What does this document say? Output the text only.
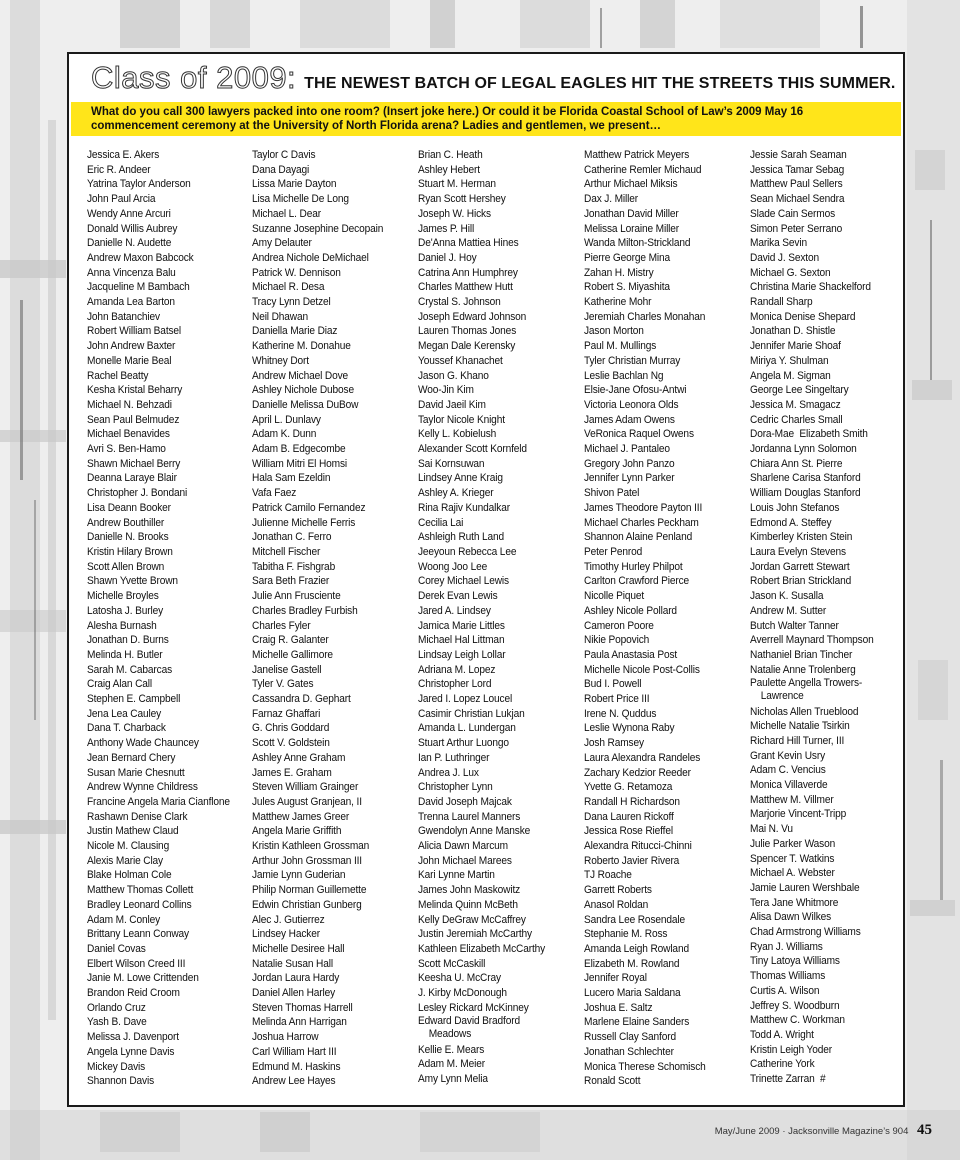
Class of 2009: THE NEWEST BATCH OF LEGAL EAGLES HIT THE STREETS THIS SUMMER.
What do you call 300 lawyers packed into one room? (Insert joke here.) Or could it be Florida Coastal School of Law’s 2009 May 16 commencement ceremony at the University of North Florida arena? Ladies and gentlemen, we present…
Jessica E. Akers
Eric R. Andeer
Yatrina Taylor Anderson
John Paul Arcia
Wendy Anne Arcuri
Donald Willis Aubrey
Danielle N. Audette
Andrew Maxon Babcock
Anna Vincenza Balu
Jacqueline M Bambach
Amanda Lea Barton
John Batanchiev
Robert William Batsel
John Andrew Baxter
Monelle Marie Beal
Rachel Beatty
Kesha Kristal Beharry
Michael N. Behzadi
Sean Paul Belmudez
Michael Benavides
Avri S. Ben-Hamo
Shawn Michael Berry
Deanna Laraye Blair
Christopher J. Bondani
Lisa Deann Booker
Andrew Bouthiller
Danielle N. Brooks
Kristin Hilary Brown
Scott Allen Brown
Shawn Yvette Brown
Michelle Broyles
Latosha J. Burley
Alesha Burnash
Jonathan D. Burns
Melinda H. Butler
Sarah M. Cabarcas
Craig Alan Call
Stephen E. Campbell
Jena Lea Cauley
Dana T. Charback
Anthony Wade Chauncey
Jean Bernard Chery
Susan Marie Chesnutt
Andrew Wynne Childress
Francine Angela Maria Cianflone
Rashawn Denise Clark
Justin Mathew Claud
Nicole M. Clausing
Alexis Marie Clay
Blake Holman Cole
Matthew Thomas Collett
Bradley Leonard Collins
Adam M. Conley
Brittany Leann Conway
Daniel Covas
Elbert Wilson Creed III
Janie M. Lowe Crittenden
Brandon Reid Croom
Orlando Cruz
Yash B. Dave
Melissa J. Davenport
Angela Lynne Davis
Mickey Davis
Shannon Davis
Taylor C Davis
Dana Dayagi
Lissa Marie Dayton
Lisa Michelle De Long
Michael L. Dear
Suzanne Josephine Decopain
Amy Delauter
Andrea Nichole DeMichael
Patrick W. Dennison
Michael R. Desa
Tracy Lynn Detzel
Neil Dhawan
Daniella Marie Diaz
Katherine M. Donahue
Whitney Dort
Andrew Michael Dove
Ashley Nichole Dubose
Danielle Melissa DuBow
April L. Dunlavy
Adam K. Dunn
Adam B. Edgecombe
William Mitri El Homsi
Hala Sam Ezeldin
Vafa Faez
Patrick Camilo Fernandez
Julienne Michelle Ferris
Jonathan C. Ferro
Mitchell Fischer
Tabitha F. Fishgrab
Sara Beth Frazier
Julie Ann Frusciente
Charles Bradley Furbish
Charles Fyler
Craig R. Galanter
Michelle Gallimore
Janelise Gastell
Tyler V. Gates
Cassandra D. Gephart
Farnaz Ghaffari
G. Chris Goddard
Scott V. Goldstein
Ashley Anne Graham
James E. Graham
Steven William Grainger
Jules August Granjean, II
Matthew James Greer
Angela Marie Griffith
Kristin Kathleen Grossman
Arthur John Grossman III
Jamie Lynn Guderian
Philip Norman Guillemette
Edwin Christian Gunberg
Alec J. Gutierrez
Lindsey Hacker
Michelle Desiree Hall
Natalie Susan Hall
Jordan Laura Hardy
Daniel Allen Harley
Steven Thomas Harrell
Melinda Ann Harrigan
Joshua Harrow
Carl William Hart III
Edmund M. Haskins
Andrew Lee Hayes
Brian C. Heath
Ashley Hebert
Stuart M. Herman
Ryan Scott Hershey
Joseph W. Hicks
James P. Hill
De'Anna Mattiea Hines
Daniel J. Hoy
Catrina Ann Humphrey
Charles Matthew Hutt
Crystal S. Johnson
Joseph Edward Johnson
Lauren Thomas Jones
Megan Dale Kerensky
Youssef Khanachet
Jason G. Khano
Woo-Jin Kim
David Jaeil Kim
Taylor Nicole Knight
Kelly L. Kobielush
Alexander Scott Kornfeld
Sai Kornsuwan
Lindsey Anne Kraig
Ashley A. Krieger
Rina Rajiv Kundalkar
Cecilia Lai
Ashleigh Ruth Land
Jeeyoun Rebecca Lee
Woong Joo Lee
Corey Michael Lewis
Derek Evan Lewis
Jared A. Lindsey
Jamica Marie Littles
Michael Hal Littman
Lindsay Leigh Lollar
Adriana M. Lopez
Christopher Lord
Jared I. Lopez Loucel
Casimir Christian Lukjan
Amanda L. Lundergan
Stuart Arthur Luongo
Ian P. Luthringer
Andrea J. Lux
Christopher Lynn
David Joseph Majcak
Trenna Laurel Manners
Gwendolyn Anne Manske
Alicia Dawn Marcum
John Michael Marees
Kari Lynne Martin
James John Maskowitz
Melinda Quinn McBeth
Kelly DeGraw McCaffrey
Justin Jeremiah McCarthy
Kathleen Elizabeth McCarthy
Scott McCaskill
Keesha U. McCray
J. Kirby McDonough
Lesley Rickard McKinney
Edward David Bradford
Meadows
Kellie E. Mears
Adam M. Meier
Amy Lynn Melia
Matthew Patrick Meyers
Catherine Remler Michaud
Arthur Michael Miksis
Dax J. Miller
Jonathan David Miller
Melissa Loraine Miller
Wanda Milton-Strickland
Pierre George Mina
Zahan H. Mistry
Robert S. Miyashita
Katherine Mohr
Jeremiah Charles Monahan
Jason Morton
Paul M. Mullings
Tyler Christian Murray
Leslie Bachlan Ng
Elsie-Jane Ofosu-Antwi
Victoria Leonora Olds
James Adam Owens
VeRonica Raquel Owens
Michael J. Pantaleo
Gregory John Panzo
Jennifer Lynn Parker
Shivon Patel
James Theodore Payton III
Michael Charles Peckham
Shannon Alaine Penland
Peter Penrod
Timothy Hurley Philpot
Carlton Crawford Pierce
Nicolle Piquet
Ashley Nicole Pollard
Cameron Poore
Nikie Popovich
Paula Anastasia Post
Michelle Nicole Post-Collis
Bud I. Powell
Robert Price III
Irene N. Quddus
Leslie Wynona Raby
Josh Ramsey
Laura Alexandra Randeles
Zachary Kedzior Reeder
Yvette G. Retamoza
Randall H Richardson
Dana Lauren Rickoff
Jessica Rose Rieffel
Alexandra Ritucci-Chinni
Roberto Javier Rivera
TJ Roache
Garrett Roberts
Anasol Roldan
Sandra Lee Rosendale
Stephanie M. Ross
Amanda Leigh Rowland
Elizabeth M. Rowland
Jennifer Royal
Lucero Maria Saldana
Joshua E. Saltz
Marlene Elaine Sanders
Russell Clay Sanford
Jonathan Schlechter
Monica Therese Schomisch
Ronald Scott
Jessie Sarah Seaman
Jessica Tamar Sebag
Matthew Paul Sellers
Sean Michael Sendra
Slade Cain Sermos
Simon Peter Serrano
Marika Sevin
David J. Sexton
Michael G. Sexton
Christina Marie Shackelford
Randall Sharp
Monica Denise Shepard
Jonathan D. Shistle
Jennifer Marie Shoaf
Miriya Y. Shulman
Angela M. Sigman
George Lee Singeltary
Jessica M. Smagacz
Cedric Charles Small
Dora-Mae  Elizabeth Smith
Jordanna Lynn Solomon
Chiara Ann St. Pierre
Sharlene Carisa Stanford
William Douglas Stanford
Louis John Stefanos
Edmond A. Steffey
Kimberley Kristen Stein
Laura Evelyn Stevens
Jordan Garrett Stewart
Robert Brian Strickland
Jason K. Susalla
Andrew M. Sutter
Butch Walter Tanner
Averrell Maynard Thompson
Nathaniel Brian Tincher
Natalie Anne Trolenberg
Paulette Angella Trowers-
Lawrence
Nicholas Allen Trueblood
Michelle Natalie Tsirkin
Richard Hill Turner, III
Grant Kevin Usry
Adam C. Vencius
Monica Villaverde
Matthew M. Villmer
Marjorie Vincent-Tripp
Mai N. Vu
Julie Parker Wason
Spencer T. Watkins
Michael A. Webster
Jamie Lauren Wershbale
Tera Jane Whitmore
Alisa Dawn Wilkes
Chad Armstrong Williams
Ryan J. Williams
Tiny Latoya Williams
Thomas Williams
Curtis A. Wilson
Jeffrey S. Woodburn
Matthew C. Workman
Todd A. Wright
Kristin Leigh Yoder
Catherine York
Trinette Zarran  #
May/June 2009 · Jacksonville Magazine’s 904 45
